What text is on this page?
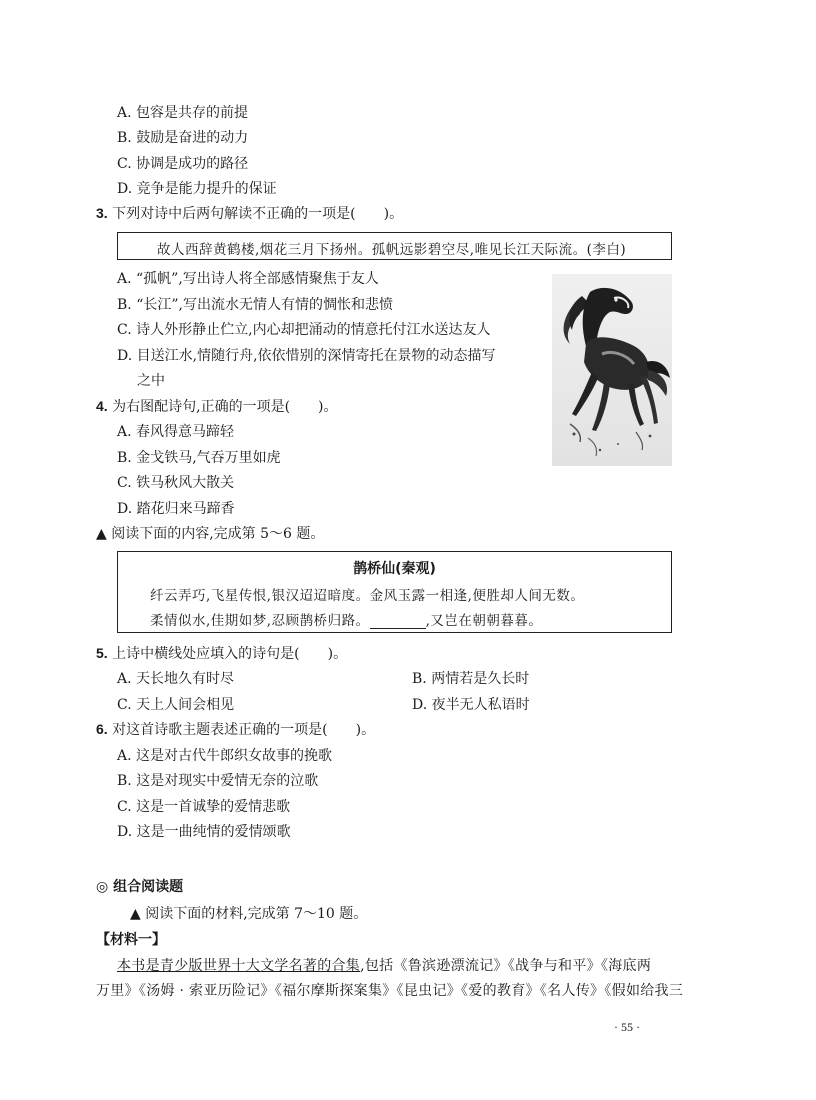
A. 包容是共存的前提
B. 鼓励是奋进的动力
C. 协调是成功的路径
D. 竞争是能力提升的保证
3. 下列对诗中后两句解读不正确的一项是(　　)。
故人西辞黄鹤楼,烟花三月下扬州。孤帆远影碧空尽,唯见长江天际流。(李白)
A. “孤帆”,写出诗人将全部感情聚焦于友人
B. “长江”,写出流水无情人有情的惆怅和悲愤
C. 诗人外形静止伫立,内心却把涌动的情意托付江水送达友人
D. 目送江水,情随行舟,依依惜别的深情寄托在景物的动态描写
之中
4. 为右图配诗句,正确的一项是(　　)。
A. 春风得意马蹄轻
B. 金戈铁马,气吞万里如虎
C. 铁马秋风大散关
D. 踏花归来马蹄香
▲ 阅读下面的内容,完成第 5～6 题。
鹊桥仙(秦观)
纤云弄巧,飞星传恨,银汉迢迢暗度。金风玉露一相逢,便胜却人间无数。
柔情似水,佳期如梦,忍顾鹊桥归路。	,又岂在朝朝暮暮。
5. 上诗中横线处应填入的诗句是(　　)。
A. 天长地久有时尽	B. 两情若是久长时
C. 天上人间会相见	D. 夜半无人私语时
6. 对这首诗歌主题表述正确的一项是(　　)。
A. 这是对古代牛郎织女故事的挽歌
B. 这是对现实中爱情无奈的泣歌
C. 这是一首诚挚的爱情悲歌
D. 这是一曲纯情的爱情颂歌
◎ 组合阅读题
▲ 阅读下面的材料,完成第 7～10 题。
【材料一】
本书是青少版世界十大文学名著的合集,包括《鲁滨逊漂流记》《战争与和平》《海底两
万里》《汤姆 · 索亚历险记》《福尔摩斯探案集》《昆虫记》《爱的教育》《名人传》《假如给我三
· 55 ·
